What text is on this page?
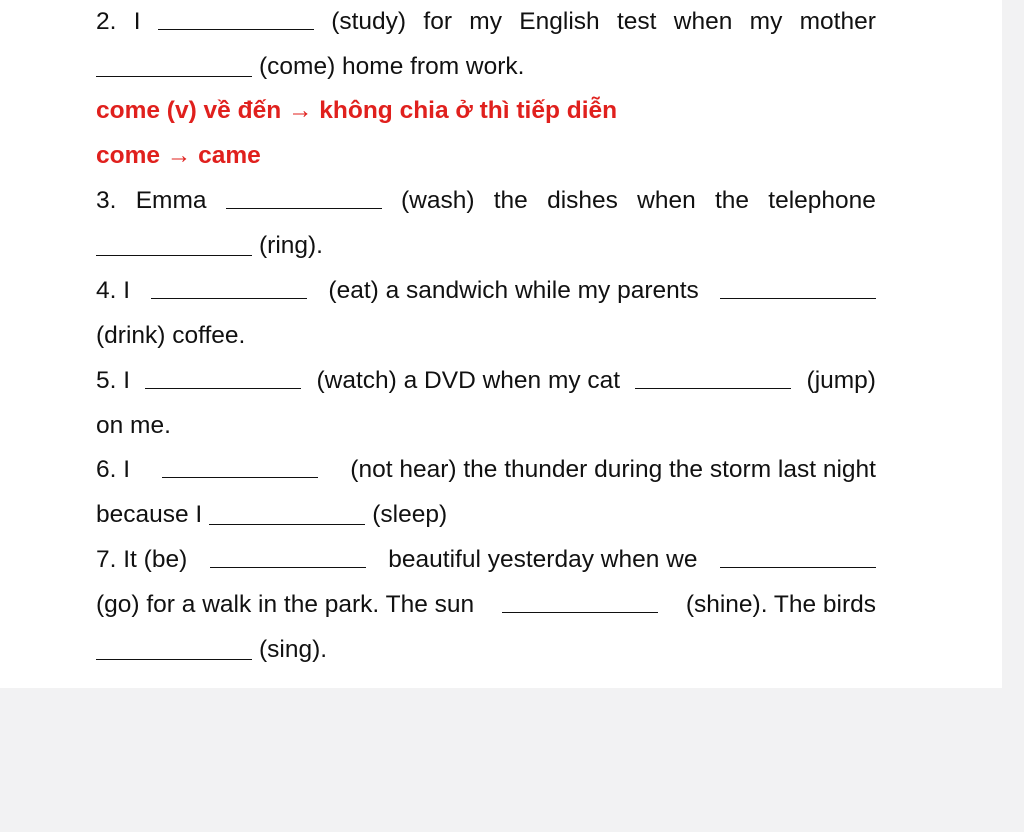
2. I	(study) for my English test when my mother
(come) home from work.
come (v) về đến → không chia ở thì tiếp diễn
come → came
3. Emma	(wash) the dishes when the telephone
(ring).
4. I	(eat) a sandwich while my parents
(drink) coffee.
5. I	(watch) a DVD when my cat	(jump)
on me.
6. I	(not hear) the thunder during the storm last night
because I	(sleep)
7. It (be)	beautiful yesterday when we
(go) for a walk in the park. The sun	(shine). The birds
(sing).
